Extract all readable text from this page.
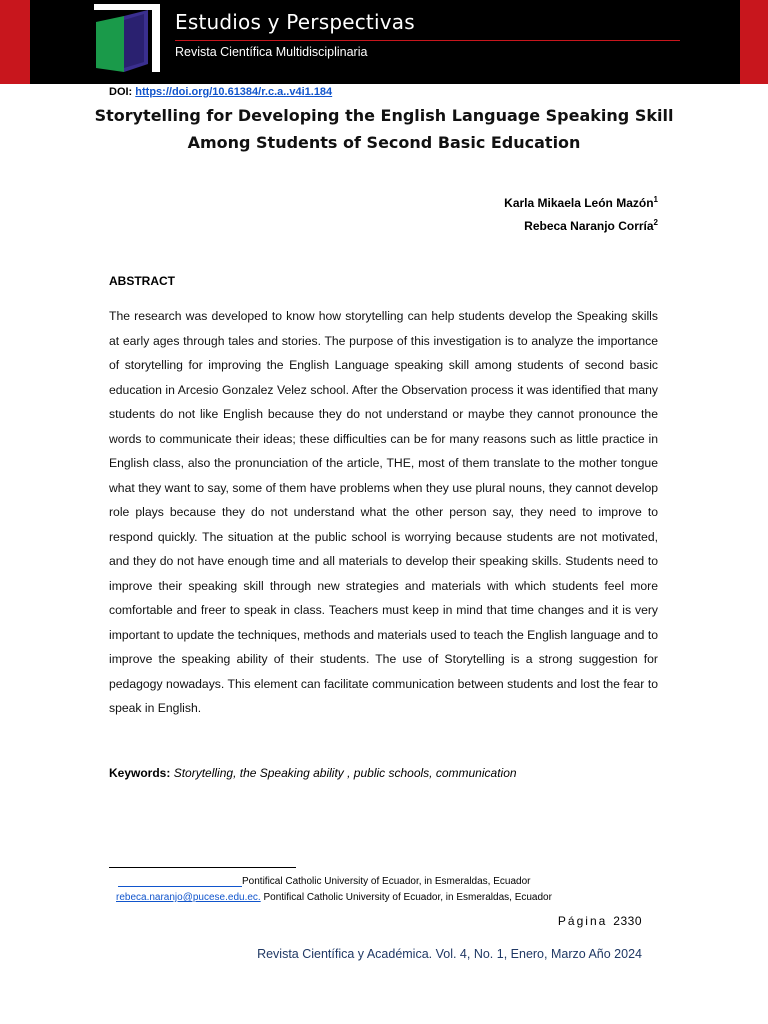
Estudios y Perspectivas
Revista Científica Multidisciplinaria
DOI: https://doi.org/10.61384/r.c.a..v4i1.184
Storytelling for Developing the English Language Speaking Skill Among Students of Second Basic Education
Karla Mikaela León Mazón$^1$
Rebeca Naranjo Corría$^2$
ABSTRACT
The research was developed to know how storytelling can help students develop the Speaking skills at early ages through tales and stories. The purpose of this investigation is to analyze the importance of storytelling for improving the English Language speaking skill among students of second basic education in Arcesio Gonzalez Velez school. After the Observation process it was identified that many students do not like English because they do not understand or maybe they cannot pronounce the words to communicate their ideas; these difficulties can be for many reasons such as little practice in English class, also the pronunciation of the article, THE, most of them translate to the mother tongue what they want to say, some of them have problems when they use plural nouns, they cannot develop role plays because they do not understand what the other person say, they need to improve to respond quickly. The situation at the public school is worrying because students are not motivated, and they do not have enough time and all materials to develop their speaking skills. Students need to improve their speaking skill through new strategies and materials with which students feel more comfortable and freer to speak in class. Teachers must keep in mind that time changes and it is very important to update the techniques, methods and materials used to teach the English language and to improve the speaking ability of their students. The use of Storytelling is a strong suggestion for pedagogy nowadays. This element can facilitate communication between students and lost the fear to speak in English.
Keywords: Storytelling, the Speaking ability , public schools, communication
Pontifical Catholic University of Ecuador, in Esmeraldas, Ecuador
rebeca.naranjo@pucese.edu.ec. Pontifical Catholic University of Ecuador, in Esmeraldas, Ecuador
Página 2330
Revista Científica y Académica. Vol. 4, No. 1, Enero, Marzo Año 2024
